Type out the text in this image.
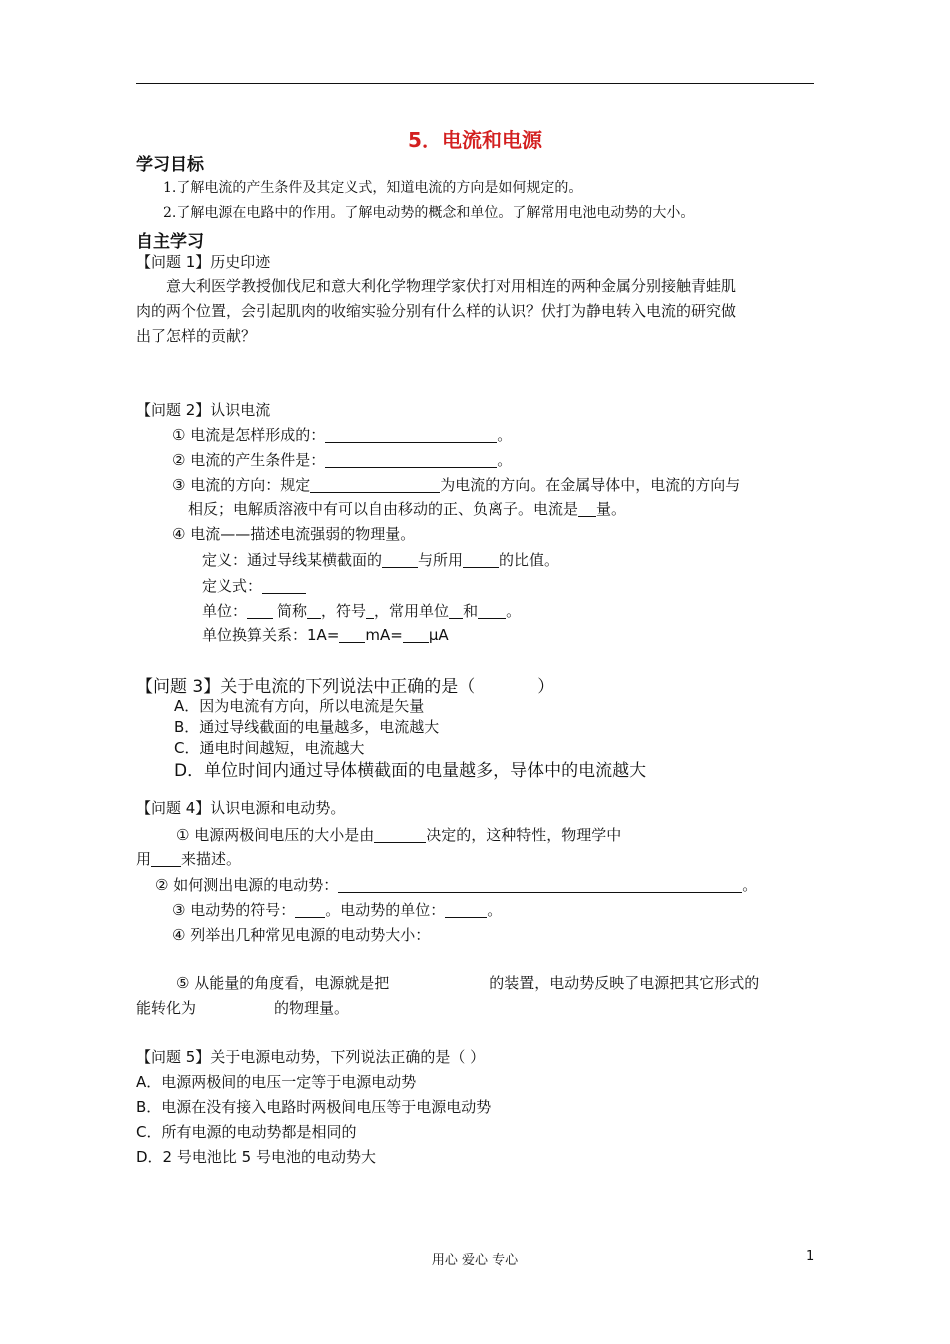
5．电流和电源
学习目标
1.了解电流的产生条件及其定义式，知道电流的方向是如何规定的。
2.了解电源在电路中的作用。了解电动势的概念和单位。了解常用电池电动势的大小。
自主学习
【问题 1】历史印迹
意大利医学教授伽伐尼和意大利化学物理学家伏打对用相连的两种金属分别接触青蛙肌
肉的两个位置，会引起肌肉的收缩实验分别有什么样的认识？伏打为静电转入电流的研究做
出了怎样的贡献？
【问题 2】认识电流
① 电流是怎样形成的：	。
② 电流的产生条件是：	。
③ 电流的方向：规定	为电流的方向。在金属导体中，电流的方向与
相反；电解质溶液中有可以自由移动的正、负离子。电流是 量。
④ 电流——描述电流强弱的物理量。
定义：通过导线某横截面的 与所用 的比值。
定义式：
单位： 简称 ，符号 ，常用单位 和 。
单位换算关系：1A= mA= μA
【问题 3】关于电流的下列说法中正确的是（	）
A．因为电流有方向，所以电流是矢量
B．通过导线截面的电量越多，电流越大
C．通电时间越短，电流越大
D．单位时间内通过导体横截面的电量越多，导体中的电流越大
【问题 4】认识电源和电动势。
① 电源两极间电压的大小是由	决定的，这种特性，物理学中
用 来描述。
② 如何测出电源的电动势：	。
③ 电动势的符号： 。电动势的单位：	。
④ 列举出几种常见电源的电动势大小：
⑤ 从能量的角度看，电源就是把	的装置，电动势反映了电源把其它形式的
能转化为	的物理量。
【问题 5】关于电源电动势，下列说法正确的是（ ）
A．电源两极间的电压一定等于电源电动势
B．电源在没有接入电路时两极间电压等于电源电动势
C．所有电源的电动势都是相同的
D．2 号电池比 5 号电池的电动势大
用心 爱心 专心	1
